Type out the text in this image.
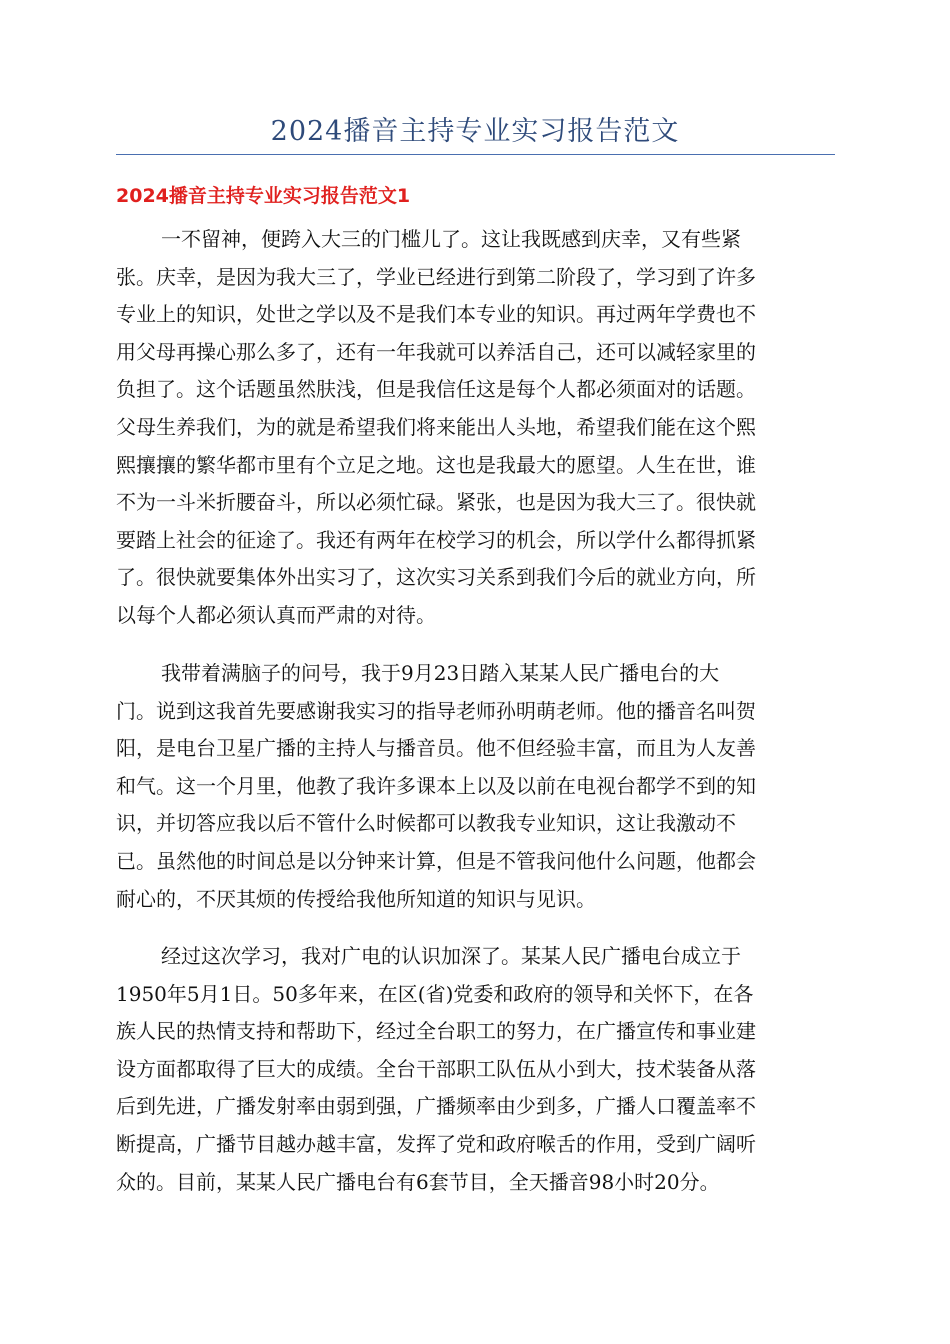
2024播音主持专业实习报告范文
2024播音主持专业实习报告范文1
一不留神，便跨入大三的门槛儿了。这让我既感到庆幸，又有些紧
张。庆幸，是因为我大三了，学业已经进行到第二阶段了，学习到了许多
专业上的知识，处世之学以及不是我们本专业的知识。再过两年学费也不
用父母再操心那么多了，还有一年我就可以养活自己，还可以减轻家里的
负担了。这个话题虽然肤浅，但是我信任这是每个人都必须面对的话题。
父母生养我们，为的就是希望我们将来能出人头地，希望我们能在这个熙
熙攘攘的繁华都市里有个立足之地。这也是我最大的愿望。人生在世，谁
不为一斗米折腰奋斗，所以必须忙碌。紧张，也是因为我大三了。很快就
要踏上社会的征途了。我还有两年在校学习的机会，所以学什么都得抓紧
了。很快就要集体外出实习了，这次实习关系到我们今后的就业方向，所
以每个人都必须认真而严肃的对待。
我带着满脑子的问号，我于9月23日踏入某某人民广播电台的大
门。说到这我首先要感谢我实习的指导老师孙明萌老师。他的播音名叫贺
阳，是电台卫星广播的主持人与播音员。他不但经验丰富，而且为人友善
和气。这一个月里，他教了我许多课本上以及以前在电视台都学不到的知
识，并切答应我以后不管什么时候都可以教我专业知识，这让我激动不
已。虽然他的时间总是以分钟来计算，但是不管我问他什么问题，他都会
耐心的，不厌其烦的传授给我他所知道的知识与见识。
经过这次学习，我对广电的认识加深了。某某人民广播电台成立于
1950年5月1日。50多年来，在区(省)党委和政府的领导和关怀下，在各
族人民的热情支持和帮助下，经过全台职工的努力，在广播宣传和事业建
设方面都取得了巨大的成绩。全台干部职工队伍从小到大，技术装备从落
后到先进，广播发射率由弱到强，广播频率由少到多，广播人口覆盖率不
断提高，广播节目越办越丰富，发挥了党和政府喉舌的作用，受到广阔听
众的。目前，某某人民广播电台有6套节目，全天播音98小时20分。
